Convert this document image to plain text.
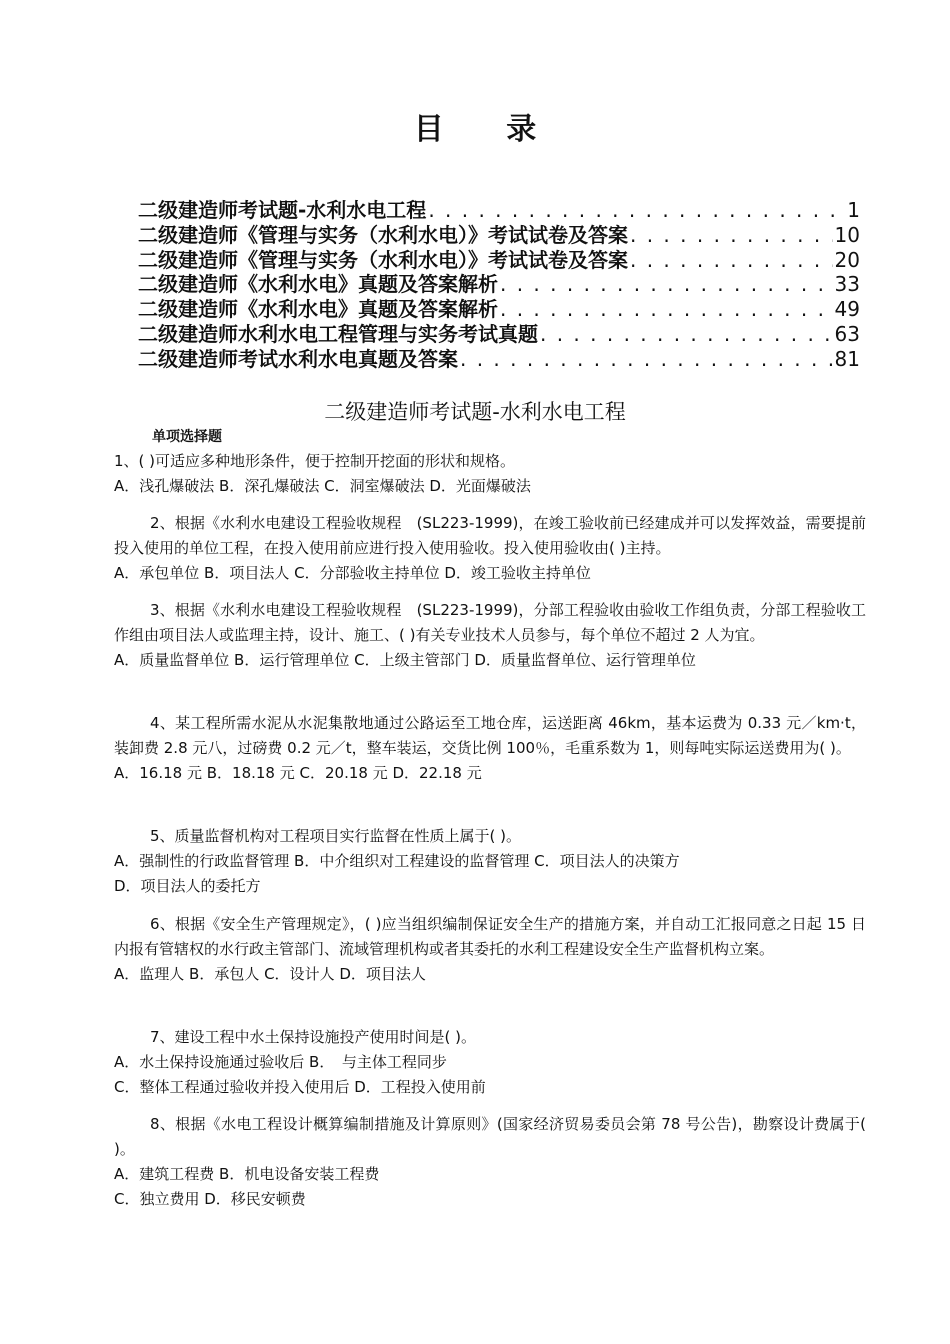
目 录
二级建造师考试题-水利水电工程 . . .	1
二级建造师《管理与实务（水利水电）》考试试卷及答案 . . .	10
二级建造师《管理与实务（水利水电）》考试试卷及答案 . . .	20
二级建造师《水利水电》真题及答案解析 . . .	33
二级建造师《水利水电》真题及答案解析 . . .	49
二级建造师水利水电工程管理与实务考试真题 . . .	63
二级建造师考试水利水电真题及答案 . . .	81
二级建造师考试题-水利水电工程
单项选择题

1、( )可适应多种地形条件，便于控制开挖面的形状和规格。

A．浅孔爆破法 B．深孔爆破法 C．洞室爆破法 D．光面爆破法

2、根据《水利水电建设工程验收规程　(SL223-1999)，在竣工验收前已经建成并可以发挥效益，需要提前投入使用的单位工程，在投入使用前应进行投入使用验收。投入使用验收由( )主持。

A．承包单位 B．项目法人 C．分部验收主持单位 D．竣工验收主持单位

3、根据《水利水电建设工程验收规程　(SL223-1999)，分部工程验收由验收工作组负责，分部工程验收工作组由项目法人或监理主持，设计、施工、( )有关专业技术人员参与，每个单位不超过 2 人为宜。

A．质量监督单位 B．运行管理单位 C．上级主管部门 D．质量监督单位、运行管理单位

4、某工程所需水泥从水泥集散地通过公路运至工地仓库，运送距离 46km，基本运费为 0.33 元／km·t，装卸费 2.8 元八，过磅费 0.2 元／t，整车装运，交货比例 100％，毛重系数为 1，则每吨实际运送费用为( )。

A．16.18 元 B．18.18 元 C．20.18 元 D．22.18 元

5、质量监督机构对工程项目实行监督在性质上属于( )。

A．强制性的行政监督管理 B．中介组织对工程建设的监督管理 C．项目法人的决策方

D．项目法人的委托方

6、根据《安全生产管理规定》，( )应当组织编制保证安全生产的措施方案，并自动工汇报同意之日起 15 日内报有管辖权的水行政主管部门、流域管理机构或者其委托的水利工程建设安全生产监督机构立案。

A．监理人 B．承包人 C．设计人 D．项目法人

7、建设工程中水土保持设施投产使用时间是( )。

A．水土保持设施通过验收后 B．　与主体工程同步

C．整体工程通过验收并投入使用后 D．工程投入使用前

8、根据《水电工程设计概算编制措施及计算原则》(国家经济贸易委员会第 78 号公告)，勘察设计费属于( )。

A．建筑工程费 B．机电设备安装工程费

C．独立费用 D．移民安顿费
